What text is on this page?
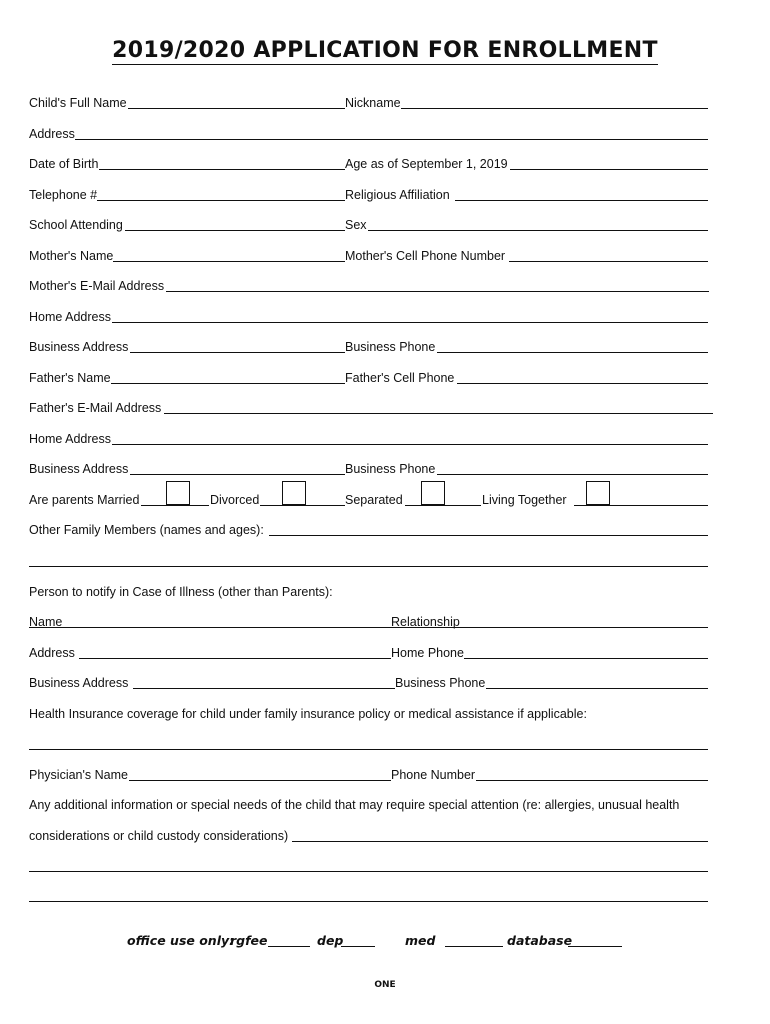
2019/2020 APPLICATION FOR ENROLLMENT
Child's Full Name	Nickname
Address
Date of Birth	Age as of September 1, 2019
Telephone #	Religious Affiliation
School Attending	Sex
Mother's Name	Mother's Cell Phone Number
Mother's E-Mail Address
Home Address
Business Address	Business Phone
Father's Name	Father's Cell Phone
Father's E-Mail Address
Home Address
Business Address	Business Phone
Are parents Married	Divorced	Separated	Living Together
Other Family Members (names and ages):
Person to notify in Case of Illness (other than Parents):
Name	Relationship
Address	Home Phone
Business Address	Business Phone
Health Insurance coverage for child under family insurance policy or medical assistance if applicable:
Physician's Name	Phone Number
Any additional information or special needs of the child that may require special attention (re: allergies, unusual health
considerations or child custody considerations)
office use only:
rgfee	dep	med	database
ONE
